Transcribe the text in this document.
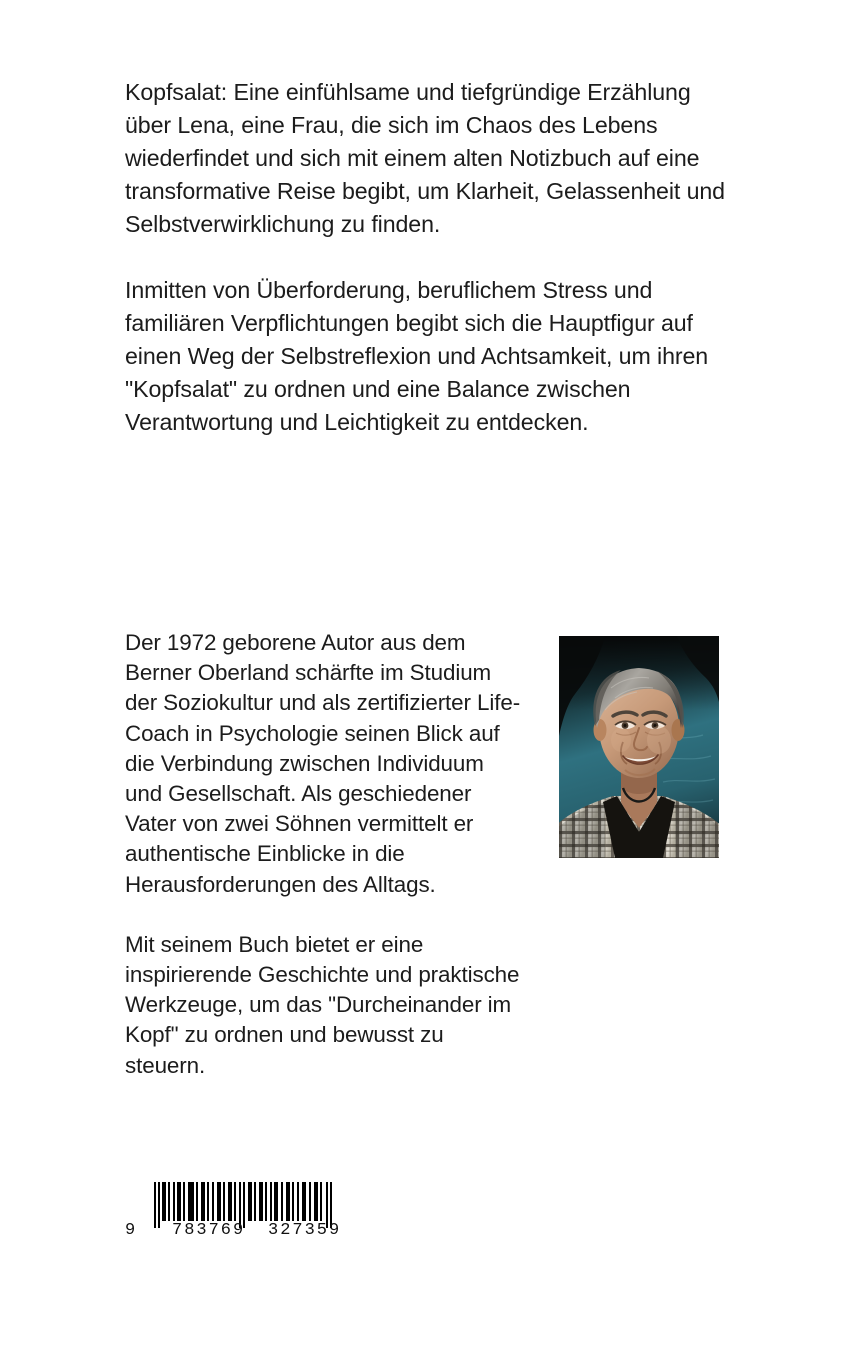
Kopfsalat: Eine einfühlsame und tiefgründige Erzählung über Lena, eine Frau, die sich im Chaos des Lebens wiederfindet und sich mit einem alten Notizbuch auf eine transformative Reise begibt, um Klarheit, Gelassenheit und Selbstverwirklichung zu finden.

Inmitten von Überforderung, beruflichem Stress und familiären Verpflichtungen begibt sich die Hauptfigur auf einen Weg der Selbstreflexion und Achtsamkeit, um ihren "Kopfsalat" zu ordnen und eine Balance zwischen Verantwortung und Leichtigkeit zu entdecken.

Der 1972 geborene Autor aus dem Berner Oberland schärfte im Studium der Soziokultur und als zertifizierter Life-Coach in Psychologie seinen Blick auf die Verbindung zwischen Individuum und Gesellschaft. Als geschiedener Vater von zwei Söhnen vermittelt er authentische Einblicke in die Herausforderungen des Alltags.

Mit seinem Buch bietet er eine inspirierende Geschichte und praktische Werkzeuge, um das "Durcheinander im Kopf" zu ordnen und bewusst zu steuern.

9 783769 327359
